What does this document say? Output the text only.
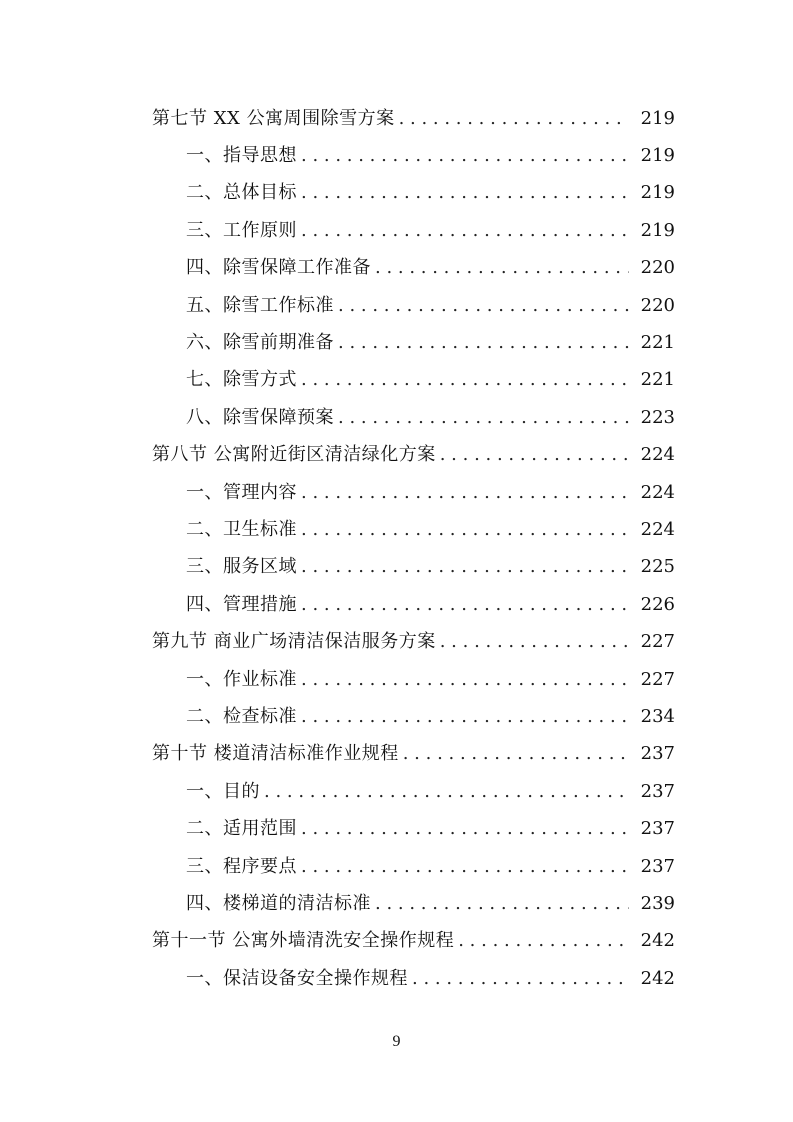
第七节 XX 公寓周围除雪方案 . . .	219
一、指导思想 . . .	219
二、总体目标 . . .	219
三、工作原则 . . .	219
四、除雪保障工作准备 . . .	220
五、除雪工作标准 . . .	220
六、除雪前期准备 . . .	221
七、除雪方式 . . .	221
八、除雪保障预案 . . .	223
第八节 公寓附近街区清洁绿化方案 . . .	224
一、管理内容 . . .	224
二、卫生标准 . . .	224
三、服务区域 . . .	225
四、管理措施 . . .	226
第九节 商业广场清洁保洁服务方案 . . .	227
一、作业标准 . . .	227
二、检查标准 . . .	234
第十节 楼道清洁标准作业规程 . . .	237
一、目的 . . .	237
二、适用范围 . . .	237
三、程序要点 . . .	237
四、楼梯道的清洁标准 . . .	239
第十一节 公寓外墙清洗安全操作规程 . . .	242
一、保洁设备安全操作规程 . . .	242
9
